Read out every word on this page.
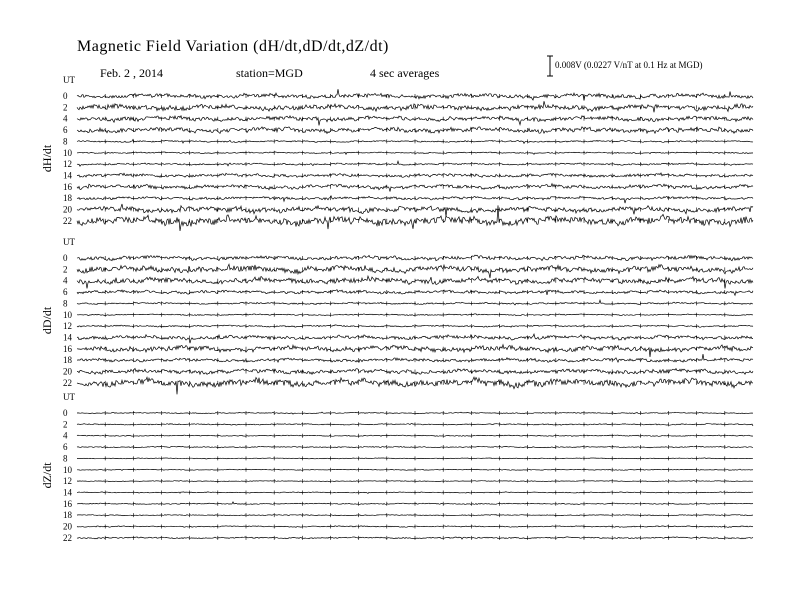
Magnetic Field Variation (dH/dt,dD/dt,dZ/dt)
Feb. 2 , 2014	station=MGD	4 sec averages
0.008V (0.0227 V/nT at 0.1 Hz at MGD)
UT
dH/dt
0
2
4
6
8
10
12
14
16
18
20
22
UT
dD/dt
0
2
4
6
8
10
12
14
16
18
20
22
UT
dZ/dt
0
2
4
6
8
10
12
14
16
18
20
22
